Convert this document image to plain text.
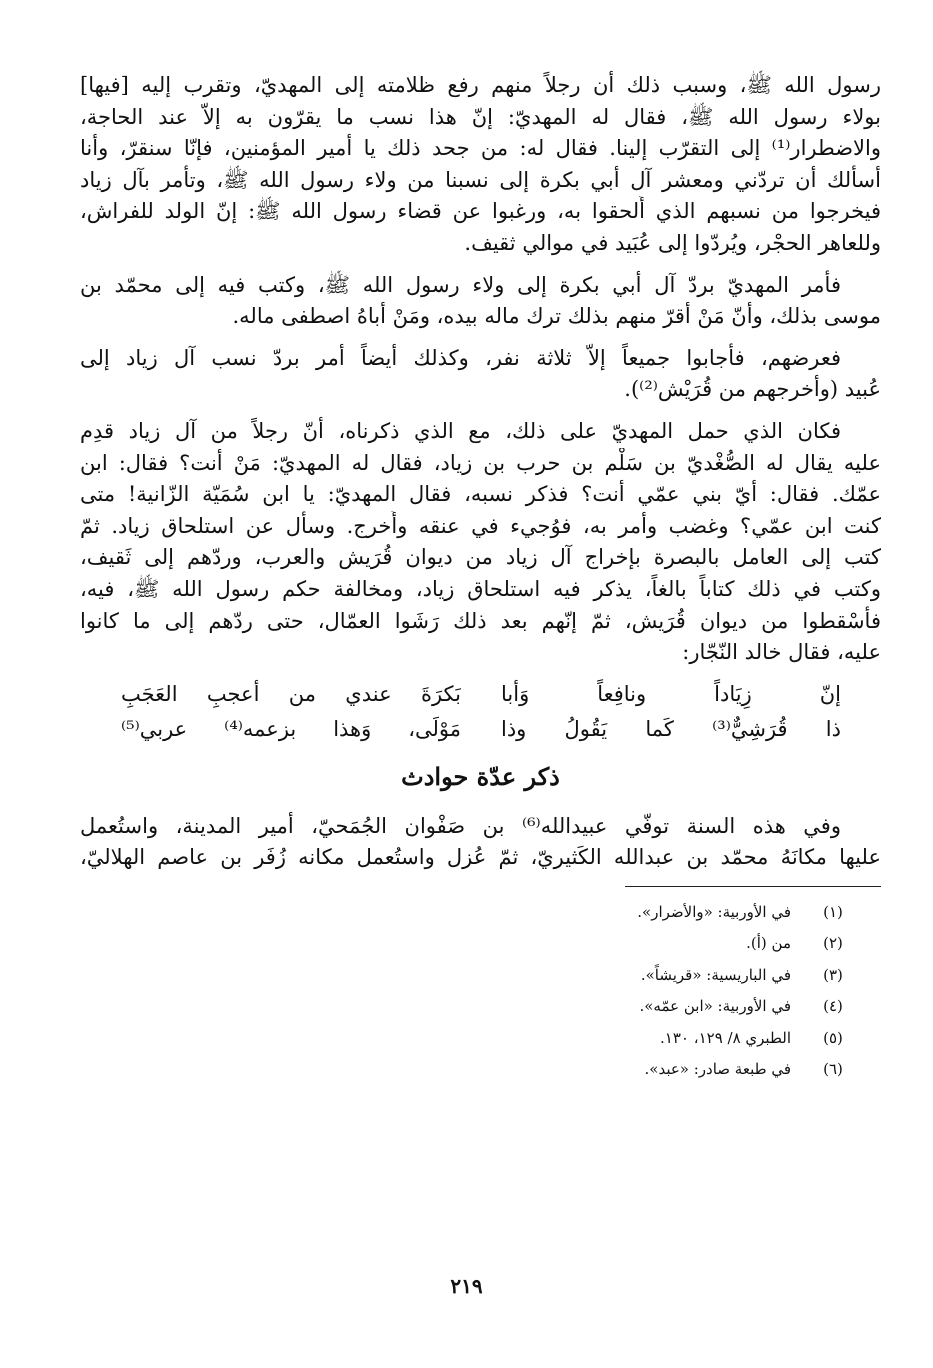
رسول الله ﷺ، وسبب ذلك أن رجلاً منهم رفع ظلامته إلى المهديّ، وتقرب إليه [فيها]
بولاء رسول الله ﷺ، فقال له المهديّ: إنّ هذا نسب ما يقرّون به إلاّ عند الحاجة،
والاضطرار⁽¹⁾ إلى التقرّب إلينا. فقال له: من جحد ذلك يا أمير المؤمنين، فإنّا سنقرّ، وأنا
أسألك أن تردّني ومعشر آل أبي بكرة إلى نسبنا من ولاء رسول الله ﷺ، وتأمر بآل زياد
فيخرجوا من نسبهم الذي أُلحقوا به، ورغبوا عن قضاء رسول الله ﷺ: إنّ الولد للفراش،
وللعاهر الحجْر، ويُردّوا إلى عُبَيد في موالي ثقيف.
فأمر المهديّ بردّ آل أبي بكرة إلى ولاء رسول الله ﷺ، وكتب فيه إلى محمّد بن
موسى بذلك، وأنّ مَنْ أقرّ منهم بذلك ترك ماله بيده، ومَنْ أباهُ اصطفى ماله.
فعرضهم، فأجابوا جميعاً إلاّ ثلاثة نفر، وكذلك أيضاً أمر بردّ نسب آل زياد إلى
عُبيد (وأخرجهم من قُرَيْش⁽²⁾).
فكان الذي حمل المهديّ على ذلك، مع الذي ذكرناه، أنّ رجلاً من آل زياد قدِم
عليه يقال له الصُّغْديّ بن سَلْم بن حرب بن زياد، فقال له المهديّ: مَنْ أنت؟ فقال: ابن
عمّك. فقال: أيّ بني عمّي أنت؟ فذكر نسبه، فقال المهديّ: يا ابن سُمَيّة الزّانية! متى
كنت ابن عمّي؟ وغضب وأمر به، فوُجيء في عنقه وأُخرج. وسأل عن استلحاق زياد. ثمّ
كتب إلى العامل بالبصرة بإخراج آل زياد من ديوان قُرَيش والعرب، وردّهم إلى ثَقيف،
وكتب في ذلك كتاباً بالغاً، يذكر فيه استلحاق زياد، ومخالفة حكم رسول الله ﷺ، فيه،
فأَسْقطوا من ديوان قُرَيش، ثمّ إنّهم بعد ذلك رَشَوا العمّال، حتى ردّهم إلى ما كانوا
عليه، فقال خالد النّجّار:
إنّ زِيَاداً ونافِعاً وَأبا
بَكرَةَ عندي من أعجبِ العَجَبِ
ذا قُرَشِيٌّ⁽³⁾ كَما يَقُولُ وذا
مَوْلَى، وَهذا بزعمه⁽⁴⁾ عربي⁽⁵⁾
ذكر عدّة حوادث
وفي هذه السنة توفّي عبيدالله⁽⁶⁾ بن صَفْوان الجُمَحيّ، أمير المدينة، واستُعمل
عليها مكانَهُ محمّد بن عبدالله الكَثيريّ، ثمّ عُزل واستُعمل مكانه زُفَر بن عاصم الهلاليّ،
(١)
في الأوربية: «والأضرار».
(٢)
من (أ).
(٣)
في الباريسية: «قريشاً».
(٤)
في الأوربية: «ابن عمّه».
(٥)
الطبري ٨/ ١٢٩، ١٣٠.
(٦)
في طبعة صادر: «عبد».
٢١٩
